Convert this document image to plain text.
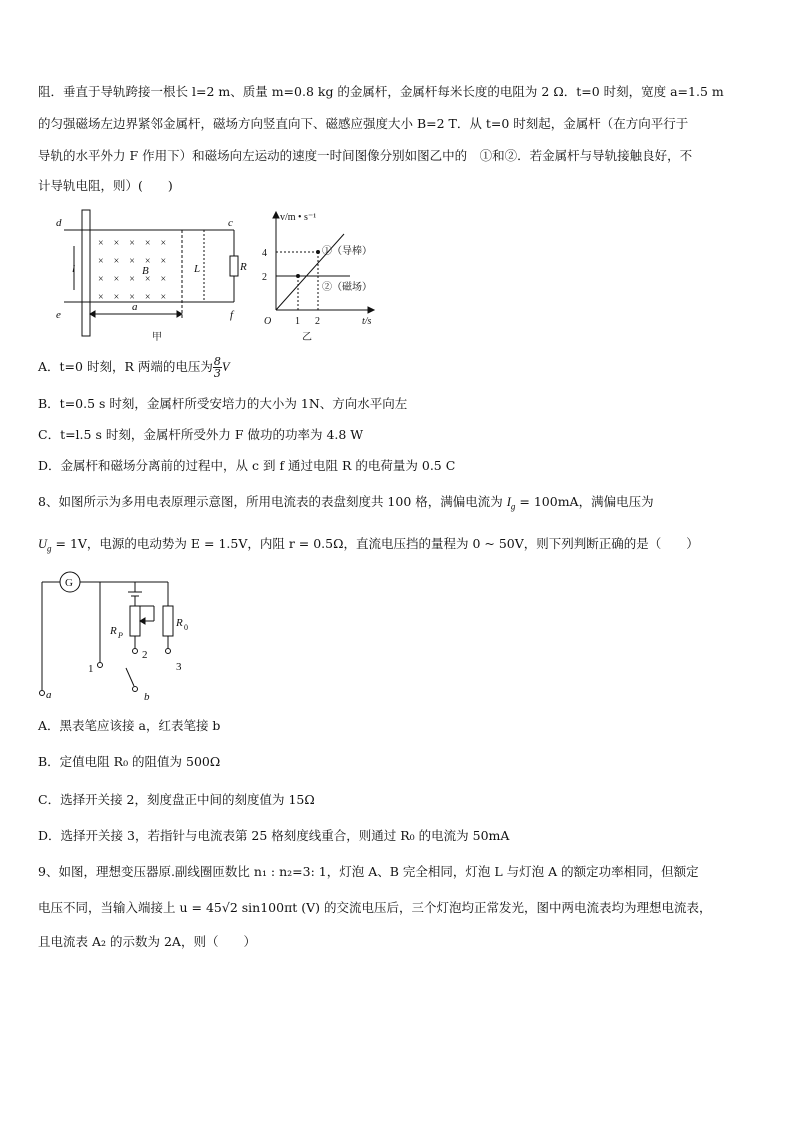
阻．垂直于导轨跨接一根长 l=2 m、质量 m=0.8 kg 的金属杆，金属杆每米长度的电阻为 2 Ω．t=0 时刻，宽度 a=1.5 m
的匀强磁场左边界紧邻金属杆，磁场方向竖直向下、磁感应强度大小 B=2 T．从 t=0 时刻起，金属杆（在方向平行于
导轨的水平外力 F 作用下）和磁场向左运动的速度一时间图像分别如图乙中的　①和②．若金属杆与导轨接触良好，不
计导轨电阻，则）(　　)
×　×　×　×　×
×　×　×　×　×
×　×　×　×　×
×　×　×　×　×
d	c
e	f
l	B	L	R
a
甲
v/m • s⁻¹
4
2
O 1 2	t/s
①（导棒）
②（磁场）
乙
A．t=0 时刻，R 两端的电压为 $\frac{8}{3}$ V
B．t=0.5 s 时刻，金属杆所受安培力的大小为 1N、方向水平向左
C．t=l.5 s 时刻，金属杆所受外力 F 做功的功率为 4.8 W
D．金属杆和磁场分离前的过程中，从 c 到 f 通过电阻 R 的电荷量为 0.5 C
8、如图所示为多用电表原理示意图，所用电流表的表盘刻度共 100 格，满偏电流为 $I_g = 100mA$，满偏电压为
$U_g = 1V$，电源的电动势为 E = 1.5V，内阻 r = 0.5Ω，直流电压挡的量程为 0 ~ 50V，则下列判断正确的是（　　）
G
R P
R 0
a	b
1
2
3
A．黑表笔应该接 a，红表笔接 b
B．定值电阻 R₀ 的阻值为 500Ω
C．选择开关接 2，刻度盘正中间的刻度值为 15Ω
D．选择开关接 3，若指针与电流表第 25 格刻度线重合，则通过 R₀ 的电流为 50mA
9、如图，理想变压器原.副线圈匝数比 n₁ : n₂=3: 1，灯泡 A、B 完全相同，灯泡 L 与灯泡 A 的额定功率相同，但额定
电压不同，当输入端接上 u = 45√2 sin100πt (V) 的交流电压后，三个灯泡均正常发光，图中两电流表均为理想电流表，
且电流表 A₂ 的示数为 2A，则（　　）
